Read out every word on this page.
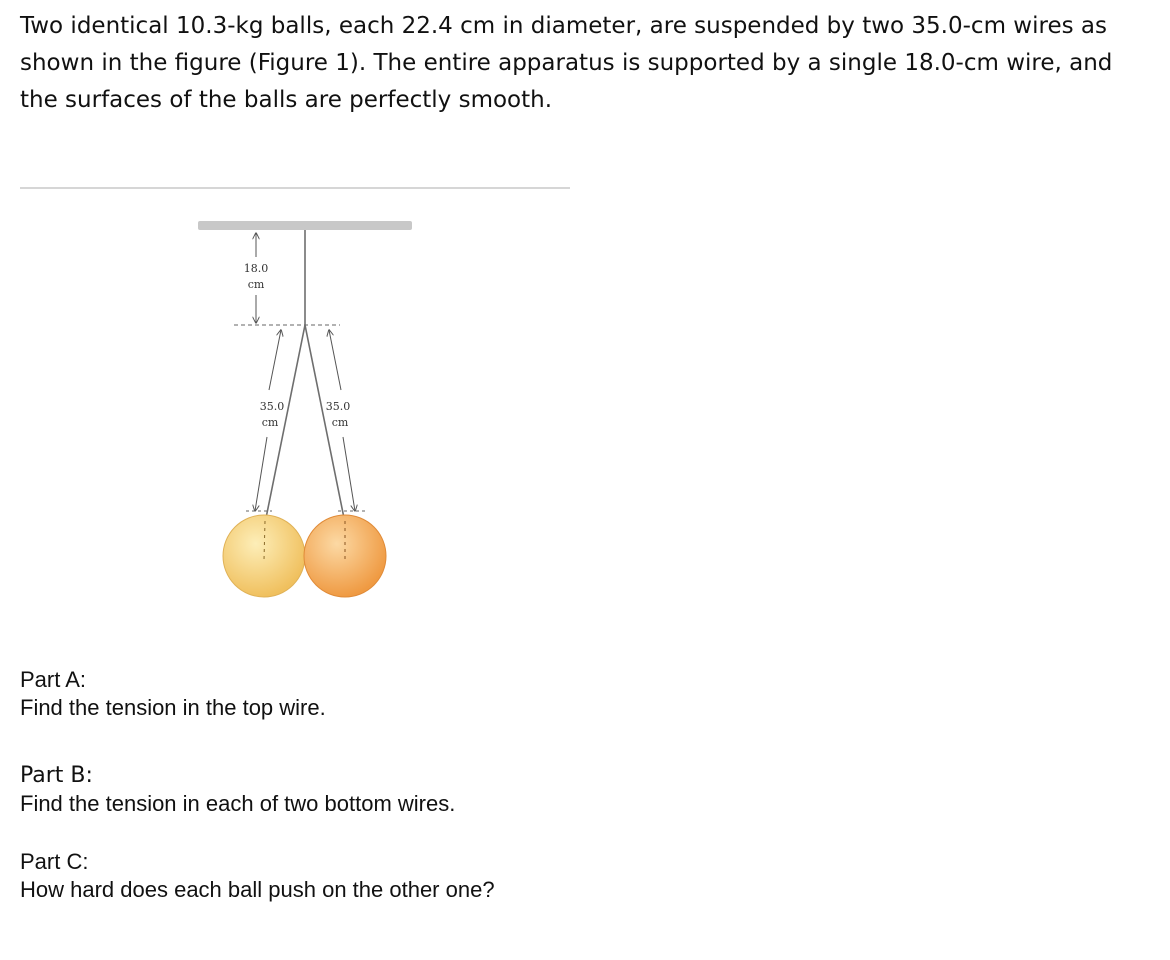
Two identical 10.3-kg balls, each 22.4 cm in diameter, are suspended by two 35.0-cm wires as shown in the figure (Figure 1). The entire apparatus is supported by a single 18.0-cm wire, and the surfaces of the balls are perfectly smooth.

18.0
cm
35.0
cm
35.0
cm

Part A:
Find the tension in the top wire.

Part B:
Find the tension in each of two bottom wires.

Part C:
How hard does each ball push on the other one?
